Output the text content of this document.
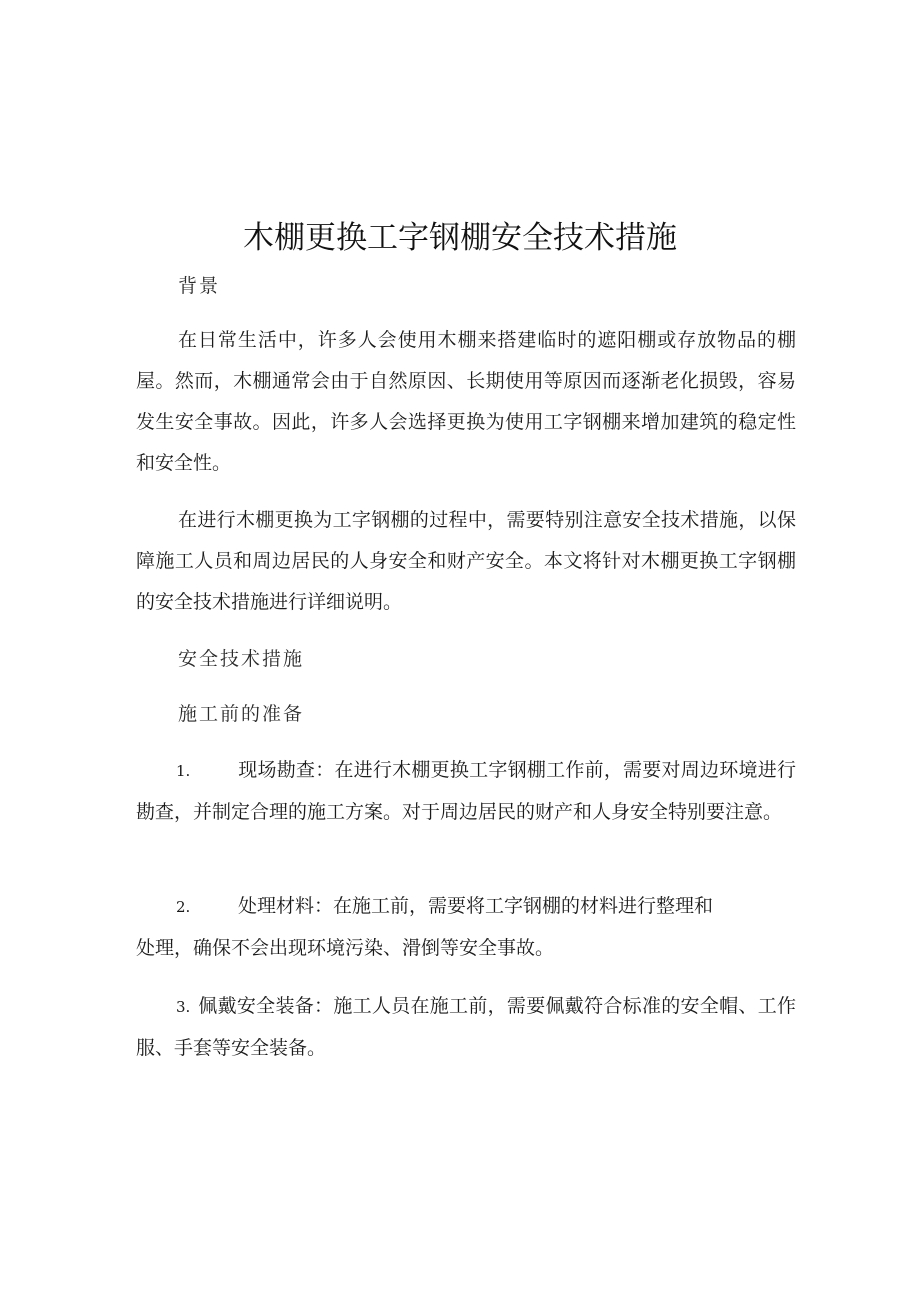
木棚更换工字钢棚安全技术措施

背景

在日常生活中，许多人会使用木棚来搭建临时的遮阳棚或存放物品的棚屋。然而，木棚通常会由于自然原因、长期使用等原因而逐渐老化损毁，容易发生安全事故。因此，许多人会选择更换为使用工字钢棚来增加建筑的稳定性和安全性。

在进行木棚更换为工字钢棚的过程中，需要特别注意安全技术措施，以保障施工人员和周边居民的人身安全和财产安全。本文将针对木棚更换工字钢棚的安全技术措施进行详细说明。

安全技术措施

施工前的准备

1.	现场勘查：在进行木棚更换工字钢棚工作前，需要对周边环境进行勘查，并制定合理的施工方案。对于周边居民的财产和人身安全特别要注意。

2.	处理材料：在施工前，需要将工字钢棚的材料进行整理和
处理，确保不会出现环境污染、滑倒等安全事故。

3. 佩戴安全装备：施工人员在施工前，需要佩戴符合标准的安全帽、工作服、手套等安全装备。
